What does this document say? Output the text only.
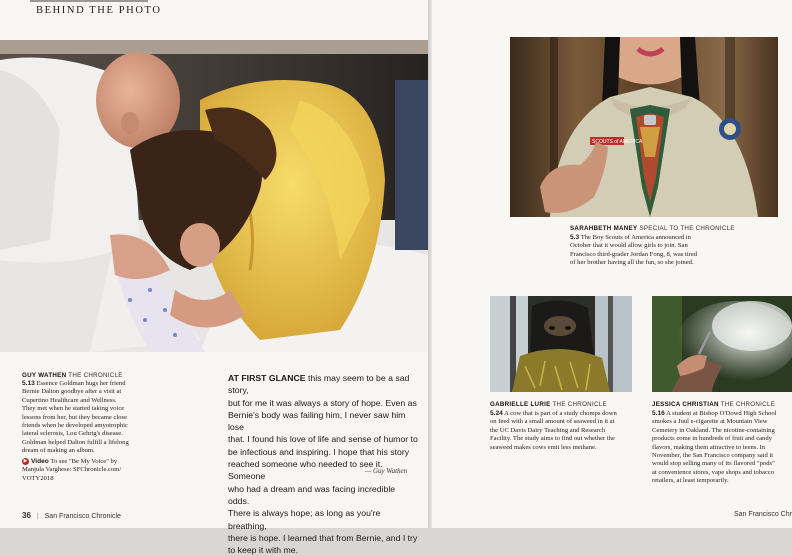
BEHIND THE PHOTO
GUY WATHEN THE CHRONICLE
5.13 Essence Goldman hugs her friend
Bernie Dalton goodbye after a visit at
Cupertino Healthcare and Wellness.
They met when he started taking voice
lessons from her, but they became close
friends when he developed amyotrophic
lateral sclerosis, Lou Gehrig's disease.
Goldman helped Dalton fulfill a lifelong
dream of making an album.
▶ Video To see "Be My Voice" by
Manjula Varghese: SFChronicle.com/
VOTY2018
AT FIRST GLANCE this may seem to be a sad story,
but for me it was always a story of hope. Even as
Bernie's body was failing him, I never saw him lose
that. I found his love of life and sense of humor to
be infectious and inspiring. I hope that his story
reached someone who needed to see it. Someone
who had a dream and was facing incredible odds.
There is always hope; as long as you're breathing,
there is hope. I learned that from Bernie, and I try
to keep it with me.
— Guy Wathen
36 | San Francisco Chronicle
SCOUTS of AMERICA
SARAHBETH MANEY SPECIAL TO THE CHRONICLE
5.3 The Boy Scouts of America announced in
October that it would allow girls to join. San
Francisco third-grader Jordan Fong, 8, was tired
of her brother having all the fun, so she joined.
GABRIELLE LURIE THE CHRONICLE
5.24 A cow that is part of a study chomps down
on feed with a small amount of seaweed in it at
the UC Davis Dairy Teaching and Research
Facility. The study aims to find out whether the
seaweed makes cows emit less methane.
JESSICA CHRISTIAN THE CHRONICLE
5.16 A student at Bishop O'Dowd High School
smokes a Juul e-cigarette at Mountain View
Cemetery in Oakland. The nicotine-containing
products come in hundreds of fruit and candy
flavors, making them attractive to teens. In
November, the San Francisco company said it
would stop selling many of its flavored "pods"
at convenience stores, vape shops and tobacco
retailers, at least temporarily.
San Francisco Chr
